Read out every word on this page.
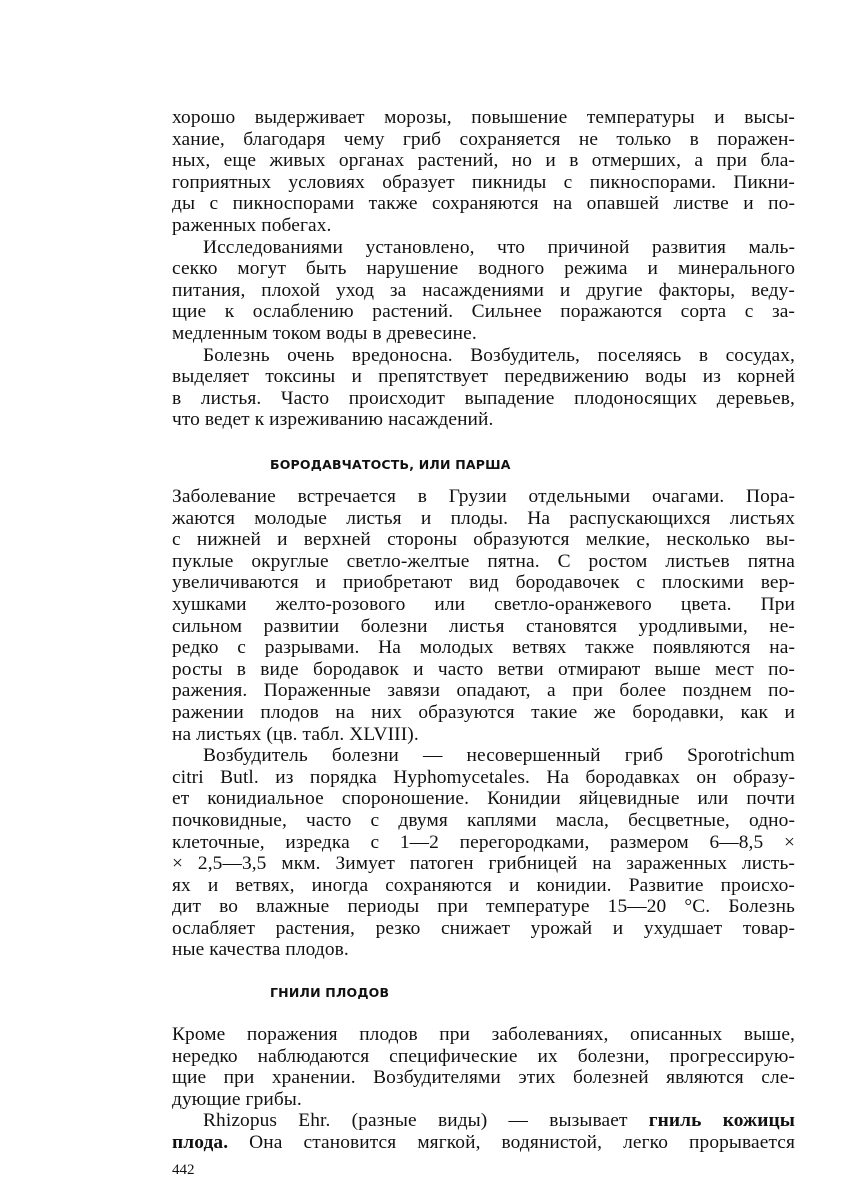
хорошо выдерживает морозы, повышение температуры и высы-
хание, благодаря чему гриб сохраняется не только в поражен-
ных, еще живых органах растений, но и в отмерших, а при бла-
гоприятных условиях образует пикниды с пикноспорами. Пикни-
ды с пикноспорами также сохраняются на опавшей листве и по-
раженных побегах.
Исследованиями установлено, что причиной развития маль-
секко могут быть нарушение водного режима и минерального
питания, плохой уход за насаждениями и другие факторы, веду-
щие к ослаблению растений. Сильнее поражаются сорта с за-
медленным током воды в древесине.
Болезнь очень вредоносна. Возбудитель, поселяясь в сосудах,
выделяет токсины и препятствует передвижению воды из корней
в листья. Часто происходит выпадение плодоносящих деревьев,
что ведет к изреживанию насаждений.
БОРОДАВЧАТОСТЬ, ИЛИ ПАРША
Заболевание встречается в Грузии отдельными очагами. Пора-
жаются молодые листья и плоды. На распускающихся листьях
с нижней и верхней стороны образуются мелкие, несколько вы-
пуклые округлые светло-желтые пятна. С ростом листьев пятна
увеличиваются и приобретают вид бородавочек с плоскими вер-
хушками желто-розового или светло-оранжевого цвета. При
сильном развитии болезни листья становятся уродливыми, не-
редко с разрывами. На молодых ветвях также появляются на-
росты в виде бородавок и часто ветви отмирают выше мест по-
ражения. Пораженные завязи опадают, а при более позднем по-
ражении плодов на них образуются такие же бородавки, как и
на листьях (цв. табл. XLVIII).
Возбудитель болезни — несовершенный гриб Sporotrichum
citri Butl. из порядка Hyphomycetales. На бородавках он образу-
ет конидиальное спороношение. Конидии яйцевидные или почти
почковидные, часто с двумя каплями масла, бесцветные, одно-
клеточные, изредка с 1—2 перегородками, размером 6—8,5 ×
× 2,5—3,5 мкм. Зимует патоген грибницей на зараженных листь-
ях и ветвях, иногда сохраняются и конидии. Развитие происхо-
дит во влажные периоды при температуре 15—20 °С. Болезнь
ослабляет растения, резко снижает урожай и ухудшает товар-
ные качества плодов.
ГНИЛИ ПЛОДОВ
Кроме поражения плодов при заболеваниях, описанных выше,
нередко наблюдаются специфические их болезни, прогрессирую-
щие при хранении. Возбудителями этих болезней являются сле-
дующие грибы.
Rhizopus Ehr. (разные виды) — вызывает гниль кожицы
плода. Она становится мягкой, водянистой, легко прорывается
442
